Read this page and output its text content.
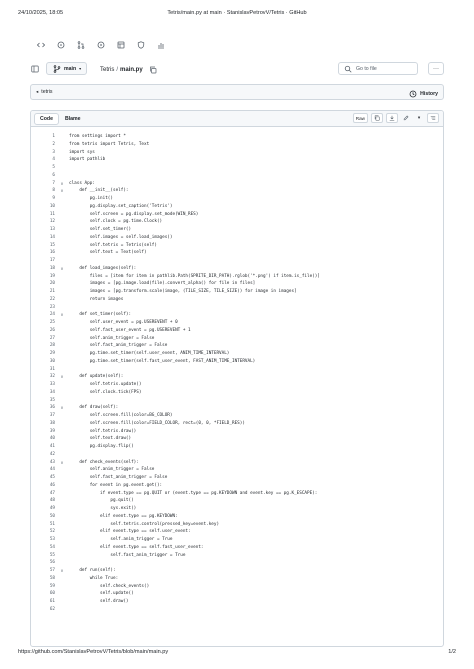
24/10/2025, 18:05	Tetris/main.py at main · StanislavPetrovV/Tetris · GitHub
main ▾	Tetris / main.py	Go to file	···
◂ tetris	History
Code	Blame	Raw	▾
1	from settings import *
2	from tetris import Tetris, Text
3	import sys
4	import pathlib
5
6
7	v	class App:
8	v	def __init__(self):
9	pg.init()
10	pg.display.set_caption('Tetris')
11	self.screen = pg.display.set_mode(WIN_RES)
12	self.clock = pg.time.Clock()
13	self.set_timer()
14	self.images = self.load_images()
15	self.tetris = Tetris(self)
16	self.text = Text(self)
17
18	v	def load_images(self):
19	files = [item for item in pathlib.Path(SPRITE_DIR_PATH).rglob('*.png') if item.is_file()]
20	images = [pg.image.load(file).convert_alpha() for file in files]
21	images = [pg.transform.scale(image, (TILE_SIZE, TILE_SIZE)) for image in images]
22	return images
23
24	v	def set_timer(self):
25	self.user_event = pg.USEREVENT + 0
26	self.fast_user_event = pg.USEREVENT + 1
27	self.anim_trigger = False
28	self.fast_anim_trigger = False
29	pg.time.set_timer(self.user_event, ANIM_TIME_INTERVAL)
30	pg.time.set_timer(self.fast_user_event, FAST_ANIM_TIME_INTERVAL)
31
32	v	def update(self):
33	self.tetris.update()
34	self.clock.tick(FPS)
35
36	v	def draw(self):
37	self.screen.fill(color=BG_COLOR)
38	self.screen.fill(color=FIELD_COLOR, rect=(0, 0, *FIELD_RES))
39	self.tetris.draw()
40	self.text.draw()
41	pg.display.flip()
42
43	v	def check_events(self):
44	self.anim_trigger = False
45	self.fast_anim_trigger = False
46	for event in pg.event.get():
47	if event.type == pg.QUIT or (event.type == pg.KEYDOWN and event.key == pg.K_ESCAPE):
48	pg.quit()
49	sys.exit()
50	elif event.type == pg.KEYDOWN:
51	self.tetris.control(pressed_key=event.key)
52	elif event.type == self.user_event:
53	self.anim_trigger = True
54	elif event.type == self.fast_user_event:
55	self.fast_anim_trigger = True
56
57	v	def run(self):
58	while True:
59	self.check_events()
60	self.update()
61	self.draw()
62
https://github.com/StanislavPetrovV/Tetris/blob/main/main.py	1/2
